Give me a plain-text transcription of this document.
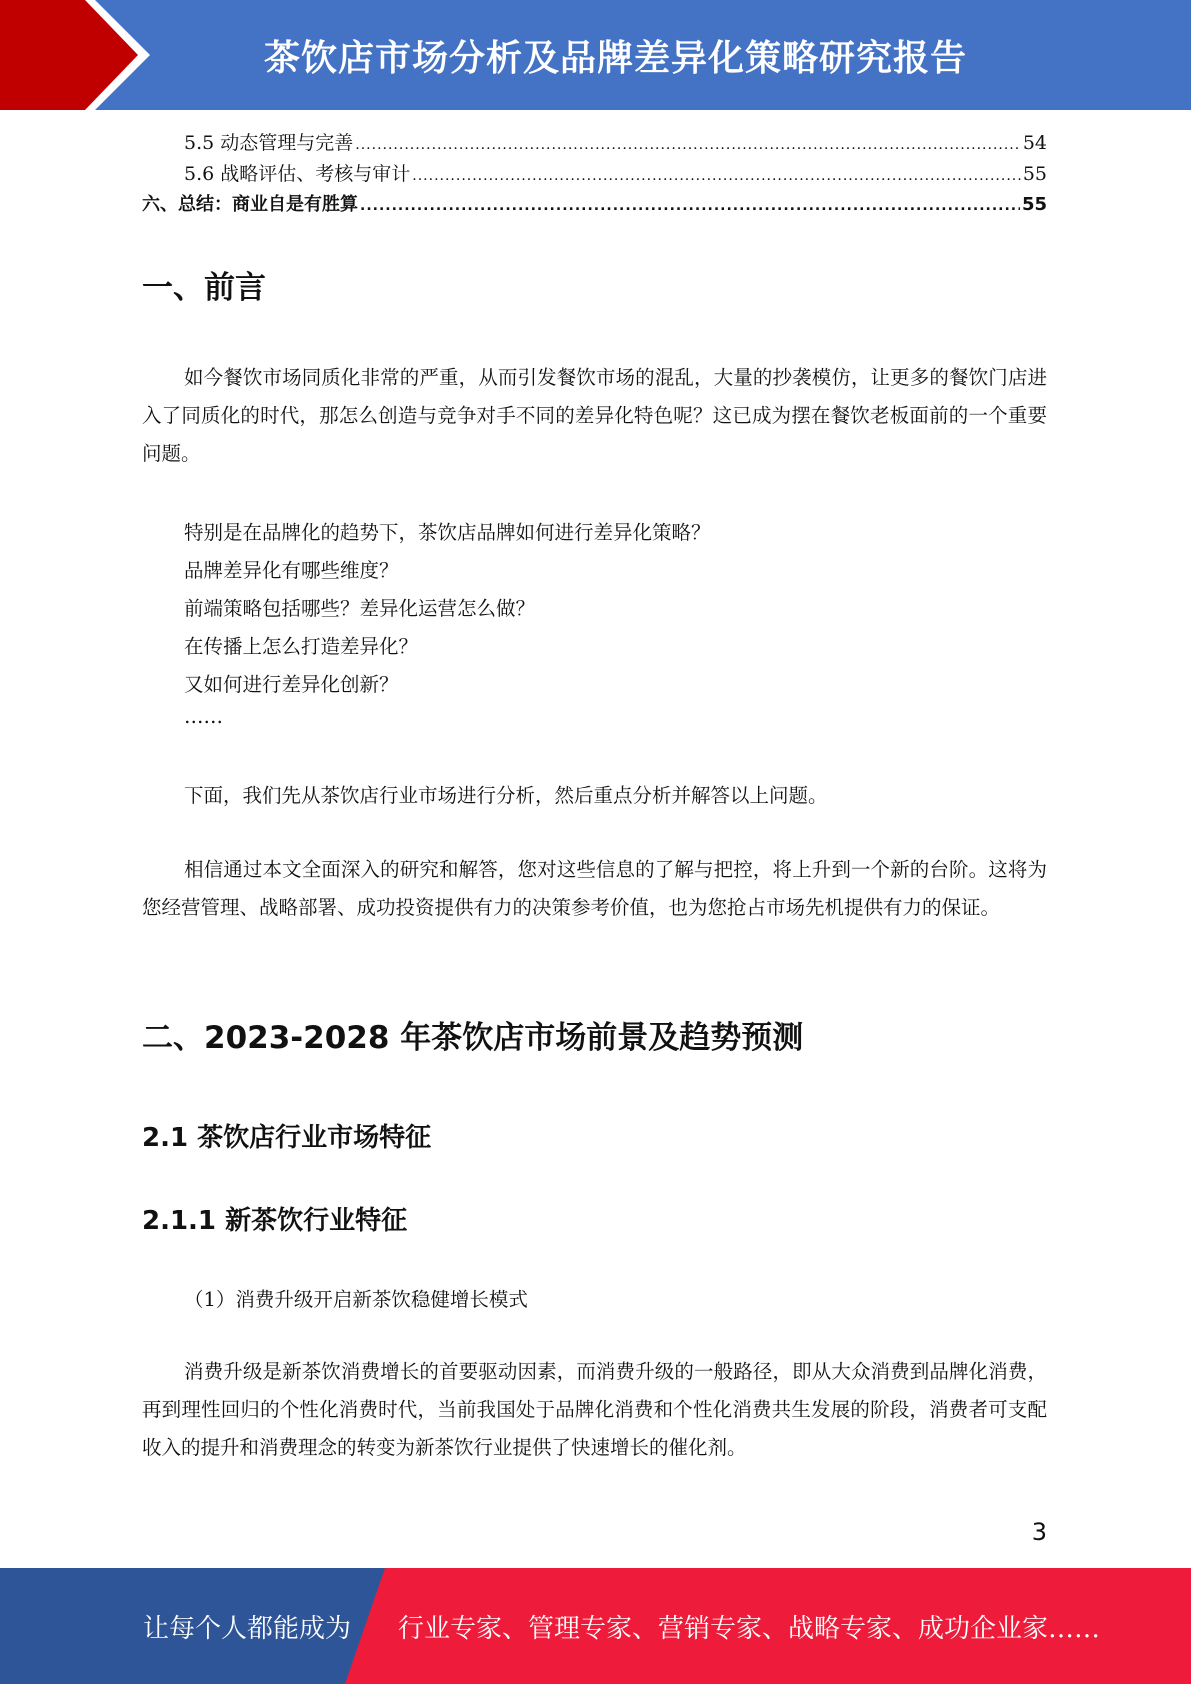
茶饮店市场分析及品牌差异化策略研究报告
5.5 动态管理与完善 .....	54
5.6 战略评估、考核与审计 .....	55
六、总结：商业自是有胜算 .....	55
一、前言

如今餐饮市场同质化非常的严重，从而引发餐饮市场的混乱，大量的抄袭模仿，让更多的餐饮门店进入了同质化的时代，那怎么创造与竞争对手不同的差异化特色呢？这已成为摆在餐饮老板面前的一个重要问题。

特别是在品牌化的趋势下，茶饮店品牌如何进行差异化策略？
品牌差异化有哪些维度？
前端策略包括哪些？差异化运营怎么做？
在传播上怎么打造差异化？
又如何进行差异化创新？
……

下面，我们先从茶饮店行业市场进行分析，然后重点分析并解答以上问题。

相信通过本文全面深入的研究和解答，您对这些信息的了解与把控，将上升到一个新的台阶。这将为您经营管理、战略部署、成功投资提供有力的决策参考价值，也为您抢占市场先机提供有力的保证。

二、2023-2028 年茶饮店市场前景及趋势预测
2.1 茶饮店行业市场特征
2.1.1 新茶饮行业特征
（1）消费升级开启新茶饮稳健增长模式

消费升级是新茶饮消费增长的首要驱动因素，而消费升级的一般路径，即从大众消费到品牌化消费，再到理性回归的个性化消费时代，当前我国处于品牌化消费和个性化消费共生发展的阶段，消费者可支配收入的提升和消费理念的转变为新茶饮行业提供了快速增长的催化剂。

3
让每个人都能成为 行业专家、管理专家、营销专家、战略专家、成功企业家……
